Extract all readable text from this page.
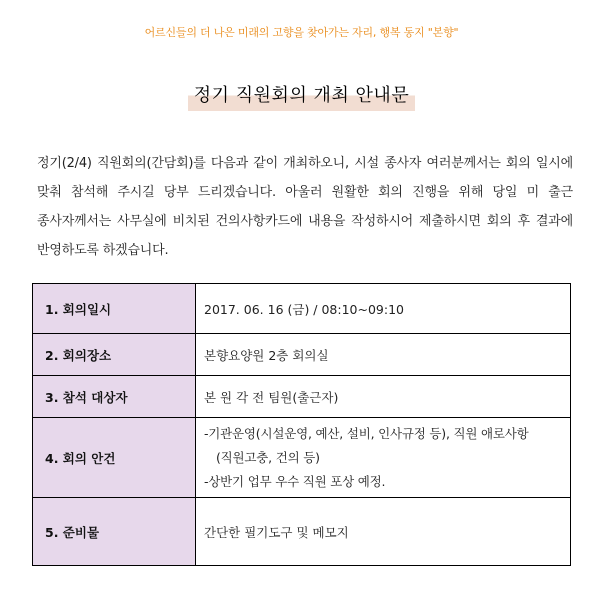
어르신들의 더 나은 미래의 고향을 찾아가는 자리, 행복 동지 "본향"
정기 직원회의 개최 안내문
정기(2/4) 직원회의(간담회)를 다음과 같이 개최하오니, 시설 종사자 여러분께서는 회의 일시에 맞춰 참석해 주시길 당부 드리겠습니다. 아울러 원활한 회의 진행을 위해 당일 미 출근 종사자께서는 사무실에 비치된 건의사항카드에 내용을 작성하시어 제출하시면 회의 후 결과에 반영하도록 하겠습니다.
1. 회의일시	2017. 06. 16 (금) / 08:10~09:10
2. 회의장소	본향요양원 2층 회의실
3. 참석 대상자	본 원 각 전 팀원(출근자)
4. 회의 안건	-기관운영(시설운영, 예산, 설비, 인사규정 등), 직원 애로사항
(직원고충, 건의 등)
-상반기 업무 우수 직원 포상 예정.

5. 준비물	간단한 필기도구 및 메모지
